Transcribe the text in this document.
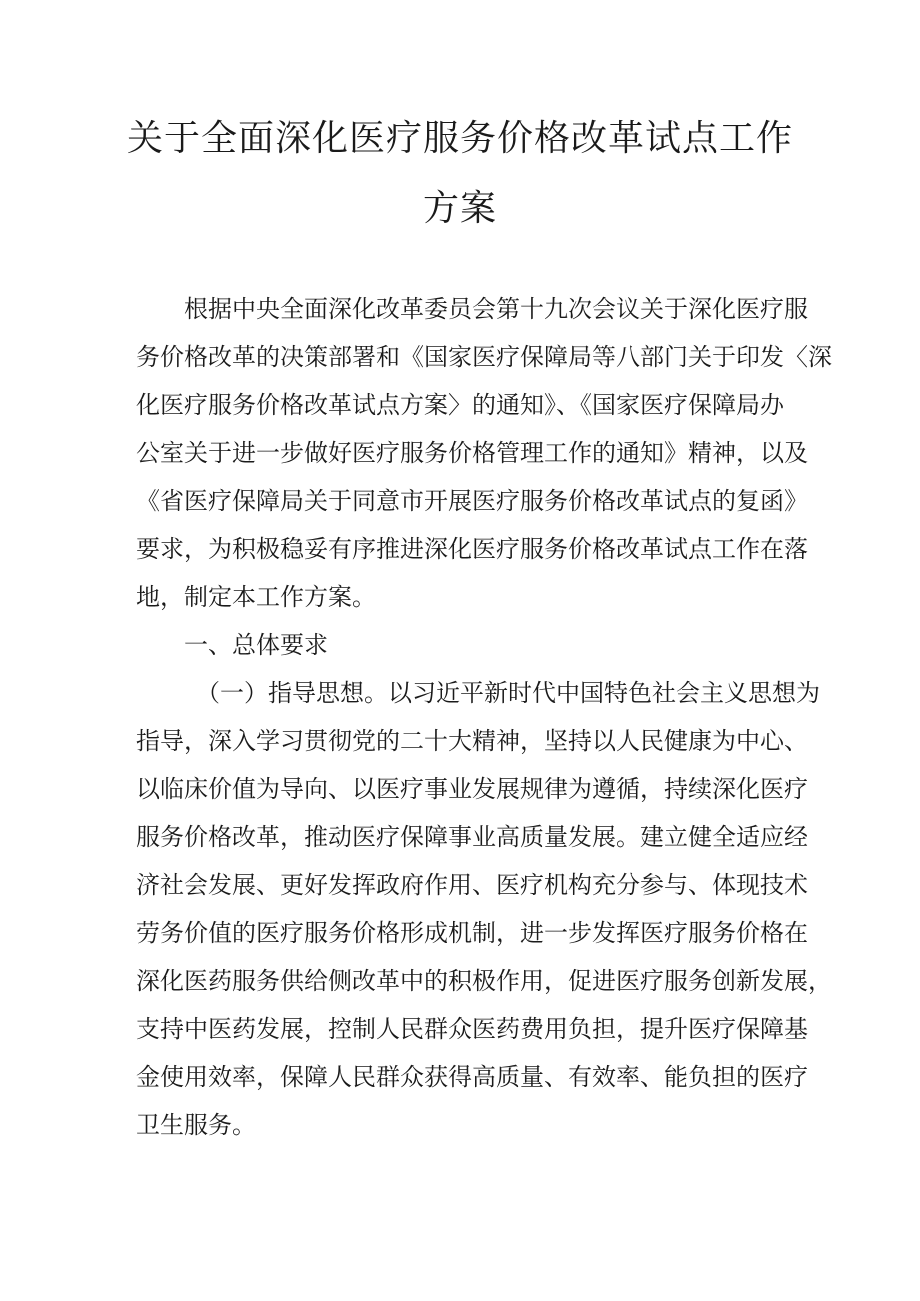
关于全面深化医疗服务价格改革试点工作
方案

根据中央全面深化改革委员会第十九次会议关于深化医疗服

务价格改革的决策部署和《国家医疗保障局等八部门关于印发〈深

化医疗服务价格改革试点方案〉的通知》、《国家医疗保障局办

公室关于进一步做好医疗服务价格管理工作的通知》精神，以及

《省医疗保障局关于同意市开展医疗服务价格改革试点的复函》

要求，为积极稳妥有序推进深化医疗服务价格改革试点工作在落

地，制定本工作方案。

一、总体要求

（一）指导思想。以习近平新时代中国特色社会主义思想为

指导，深入学习贯彻党的二十大精神，坚持以人民健康为中心、

以临床价值为导向、以医疗事业发展规律为遵循，持续深化医疗

服务价格改革，推动医疗保障事业高质量发展。建立健全适应经

济社会发展、更好发挥政府作用、医疗机构充分参与、体现技术

劳务价值的医疗服务价格形成机制，进一步发挥医疗服务价格在

深化医药服务供给侧改革中的积极作用，促进医疗服务创新发展，

支持中医药发展，控制人民群众医药费用负担，提升医疗保障基

金使用效率，保障人民群众获得高质量、有效率、能负担的医疗

卫生服务。
